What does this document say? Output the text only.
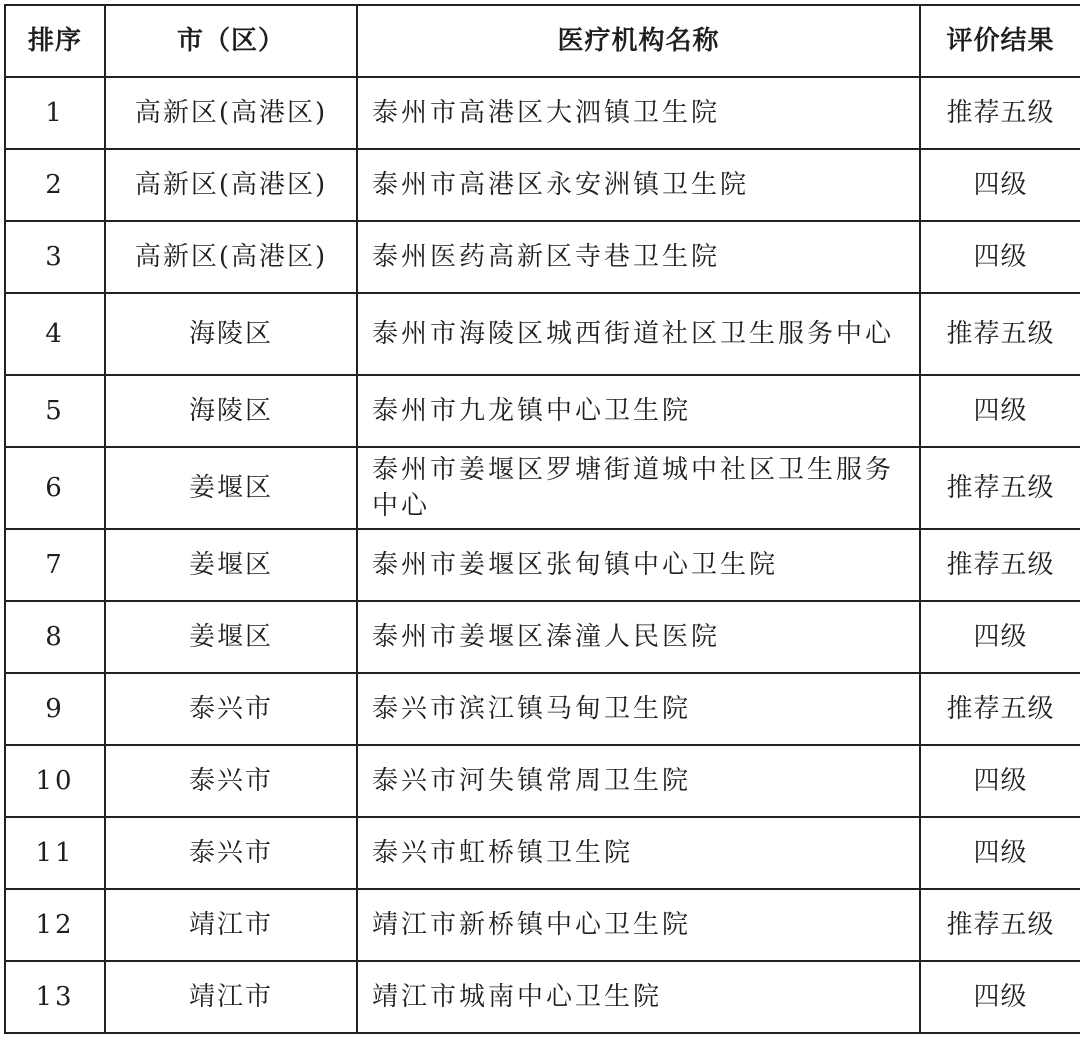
排序	市（区）	医疗机构名称	评价结果
1	高新区(高港区)	泰州市高港区大泗镇卫生院	推荐五级
2	高新区(高港区)	泰州市高港区永安洲镇卫生院	四级
3	高新区(高港区)	泰州医药高新区寺巷卫生院	四级
4	海陵区	泰州市海陵区城西街道社区卫生服务中心	推荐五级
5	海陵区	泰州市九龙镇中心卫生院	四级
6	姜堰区	泰州市姜堰区罗塘街道城中社区卫生服务中心	推荐五级
7	姜堰区	泰州市姜堰区张甸镇中心卫生院	推荐五级
8	姜堰区	泰州市姜堰区溱潼人民医院	四级
9	泰兴市	泰兴市滨江镇马甸卫生院	推荐五级
10	泰兴市	泰兴市河失镇常周卫生院	四级
11	泰兴市	泰兴市虹桥镇卫生院	四级
12	靖江市	靖江市新桥镇中心卫生院	推荐五级
13	靖江市	靖江市城南中心卫生院	四级
